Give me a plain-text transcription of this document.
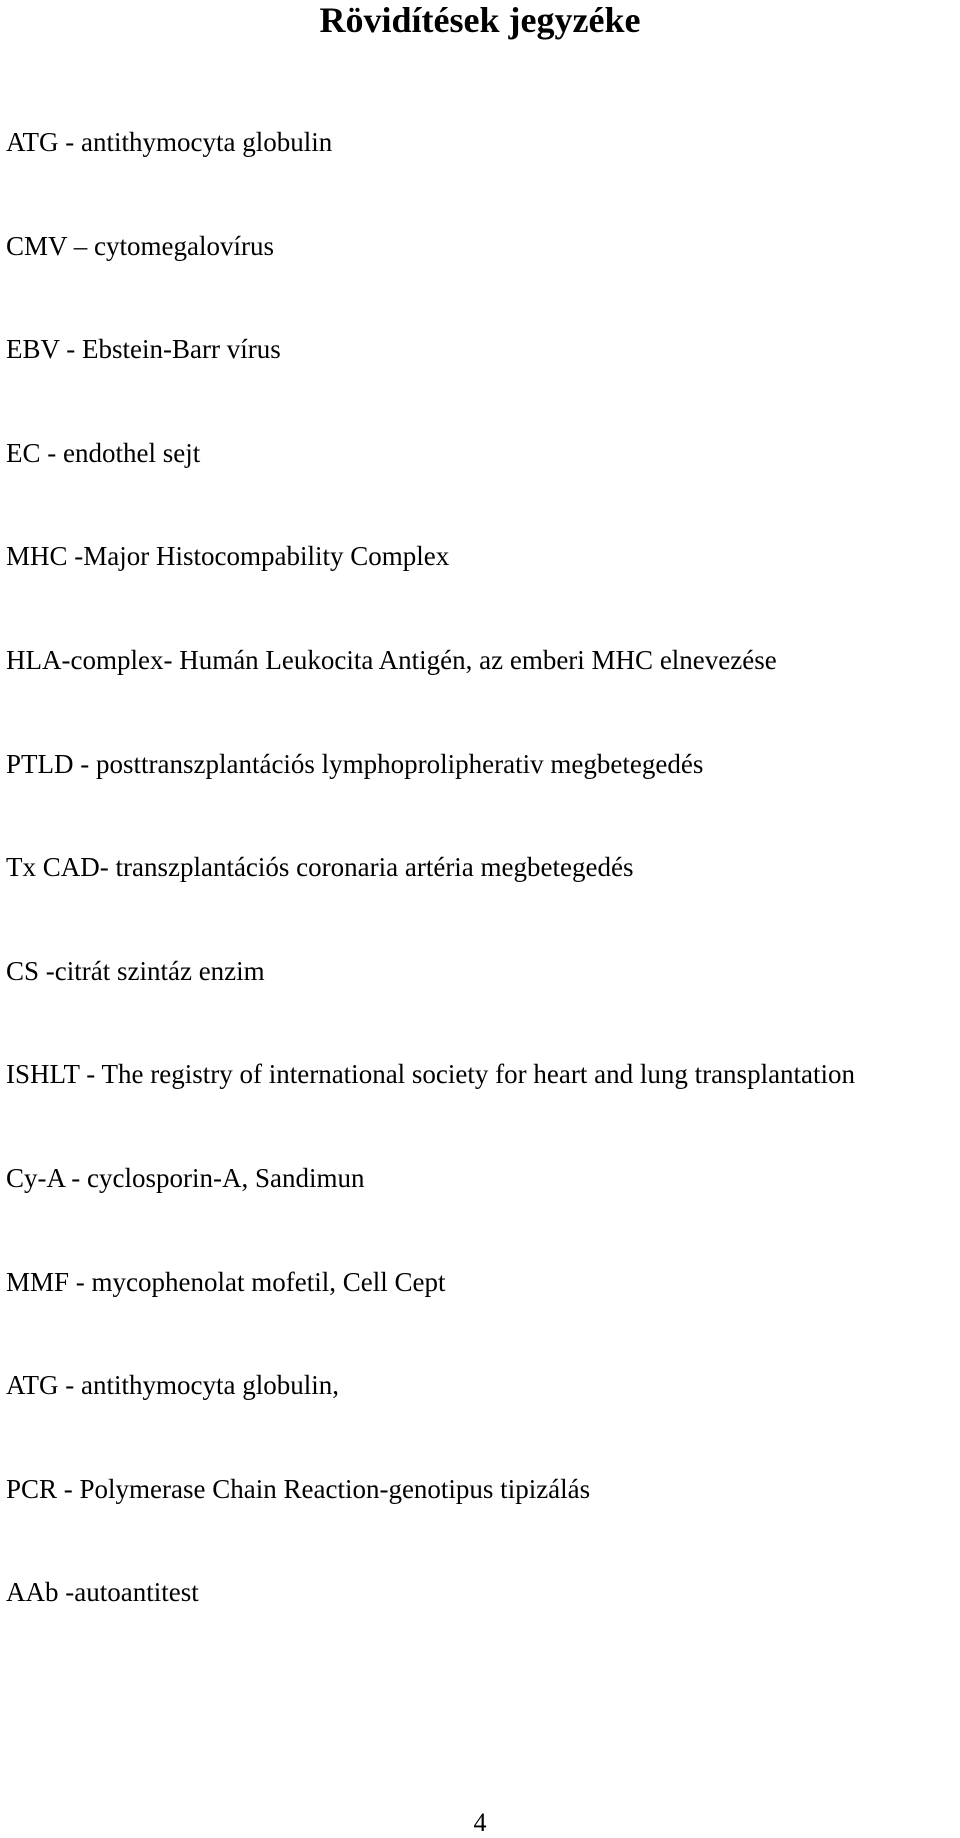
Rövidítések jegyzéke
ATG - antithymocyta globulin
CMV – cytomegalovírus
EBV - Ebstein-Barr vírus
EC - endothel sejt
MHC -Major Histocompability Complex
HLA-complex- Humán Leukocita Antigén, az emberi MHC elnevezése
PTLD - posttranszplantációs lymphoprolipherativ megbetegedés
Tx CAD- transzplantációs coronaria artéria megbetegedés
CS -citrát szintáz enzim
ISHLT - The registry of international society for heart and lung transplantation
Cy-A - cyclosporin-A, Sandimun
MMF - mycophenolat mofetil, Cell Cept
ATG - antithymocyta globulin,
PCR - Polymerase Chain Reaction-genotipus tipizálás
AAb -autoantitest
4
